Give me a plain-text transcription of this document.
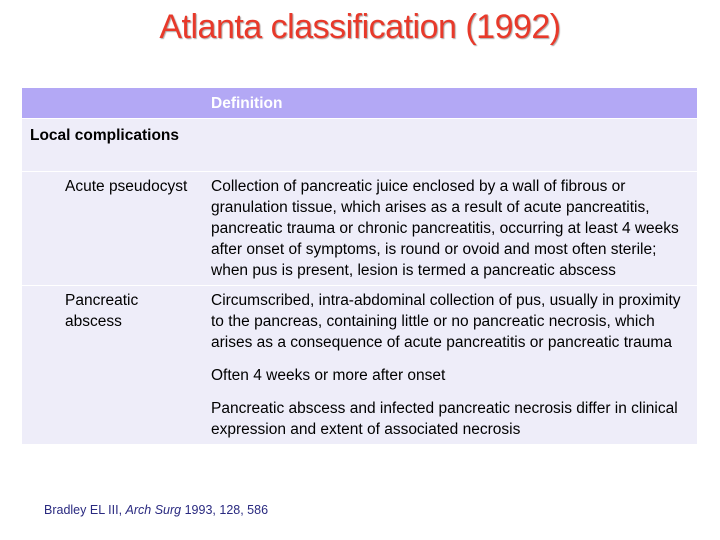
Atlanta classification (1992)
	Definition
Local complications	
Acute pseudocyst	Collection of pancreatic juice enclosed by a wall of fibrous or granulation tissue, which arises as a result of acute pancreatitis, pancreatic trauma or chronic pancreatitis, occurring at least 4 weeks after onset of symptoms, is round or ovoid and most often sterile; when pus is present, lesion is termed a pancreatic abscess

Pancreatic abscess	Circumscribed, intra-abdominal collection of pus, usually in proximity to the pancreas, containing little or no pancreatic necrosis, which arises as a consequence of acute pancreatitis or pancreatic trauma

Often 4 weeks or more after onset

Pancreatic abscess and infected pancreatic necrosis differ in clinical expression and extent of associated necrosis

Bradley EL III, Arch Surg 1993, 128, 586
